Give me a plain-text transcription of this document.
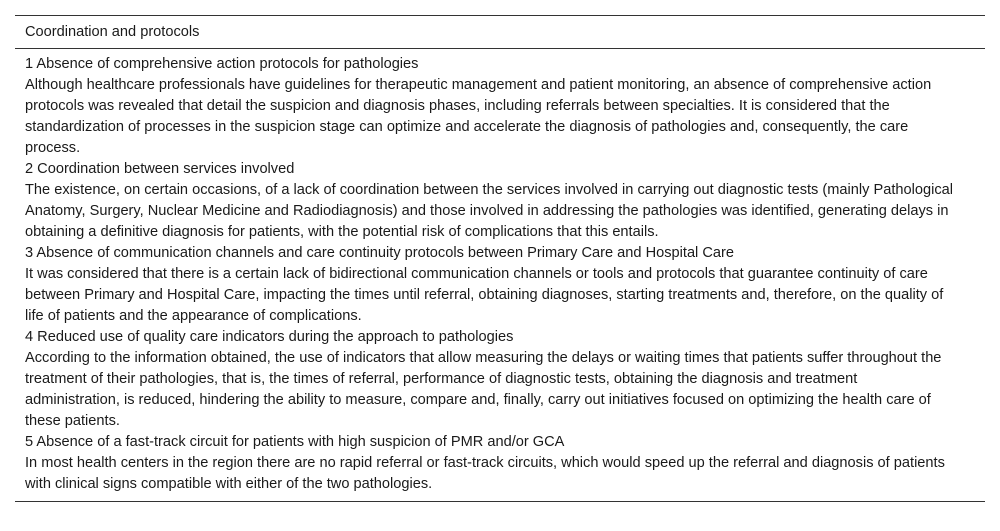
Coordination and protocols

1 Absence of comprehensive action protocols for pathologies

Although healthcare professionals have guidelines for therapeutic management and patient monitoring, an absence of comprehensive action protocols was revealed that detail the suspicion and diagnosis phases, including referrals between specialties. It is considered that the standardization of processes in the suspicion stage can optimize and accelerate the diagnosis of pathologies and, consequently, the care process.

2 Coordination between services involved

The existence, on certain occasions, of a lack of coordination between the services involved in carrying out diagnostic tests (mainly Pathological Anatomy, Surgery, Nuclear Medicine and Radiodiagnosis) and those involved in addressing the pathologies was identified, generating delays in obtaining a definitive diagnosis for patients, with the potential risk of complications that this entails.

3 Absence of communication channels and care continuity protocols between Primary Care and Hospital Care

It was considered that there is a certain lack of bidirectional communication channels or tools and protocols that guarantee continuity of care between Primary and Hospital Care, impacting the times until referral, obtaining diagnoses, starting treatments and, therefore, on the quality of life of patients and the appearance of complications.

4 Reduced use of quality care indicators during the approach to pathologies

According to the information obtained, the use of indicators that allow measuring the delays or waiting times that patients suffer throughout the treatment of their pathologies, that is, the times of referral, performance of diagnostic tests, obtaining the diagnosis and treatment administration, is reduced, hindering the ability to measure, compare and, finally, carry out initiatives focused on optimizing the health care of these patients.

5 Absence of a fast-track circuit for patients with high suspicion of PMR and/or GCA

In most health centers in the region there are no rapid referral or fast-track circuits, which would speed up the referral and diagnosis of patients with clinical signs compatible with either of the two pathologies.
